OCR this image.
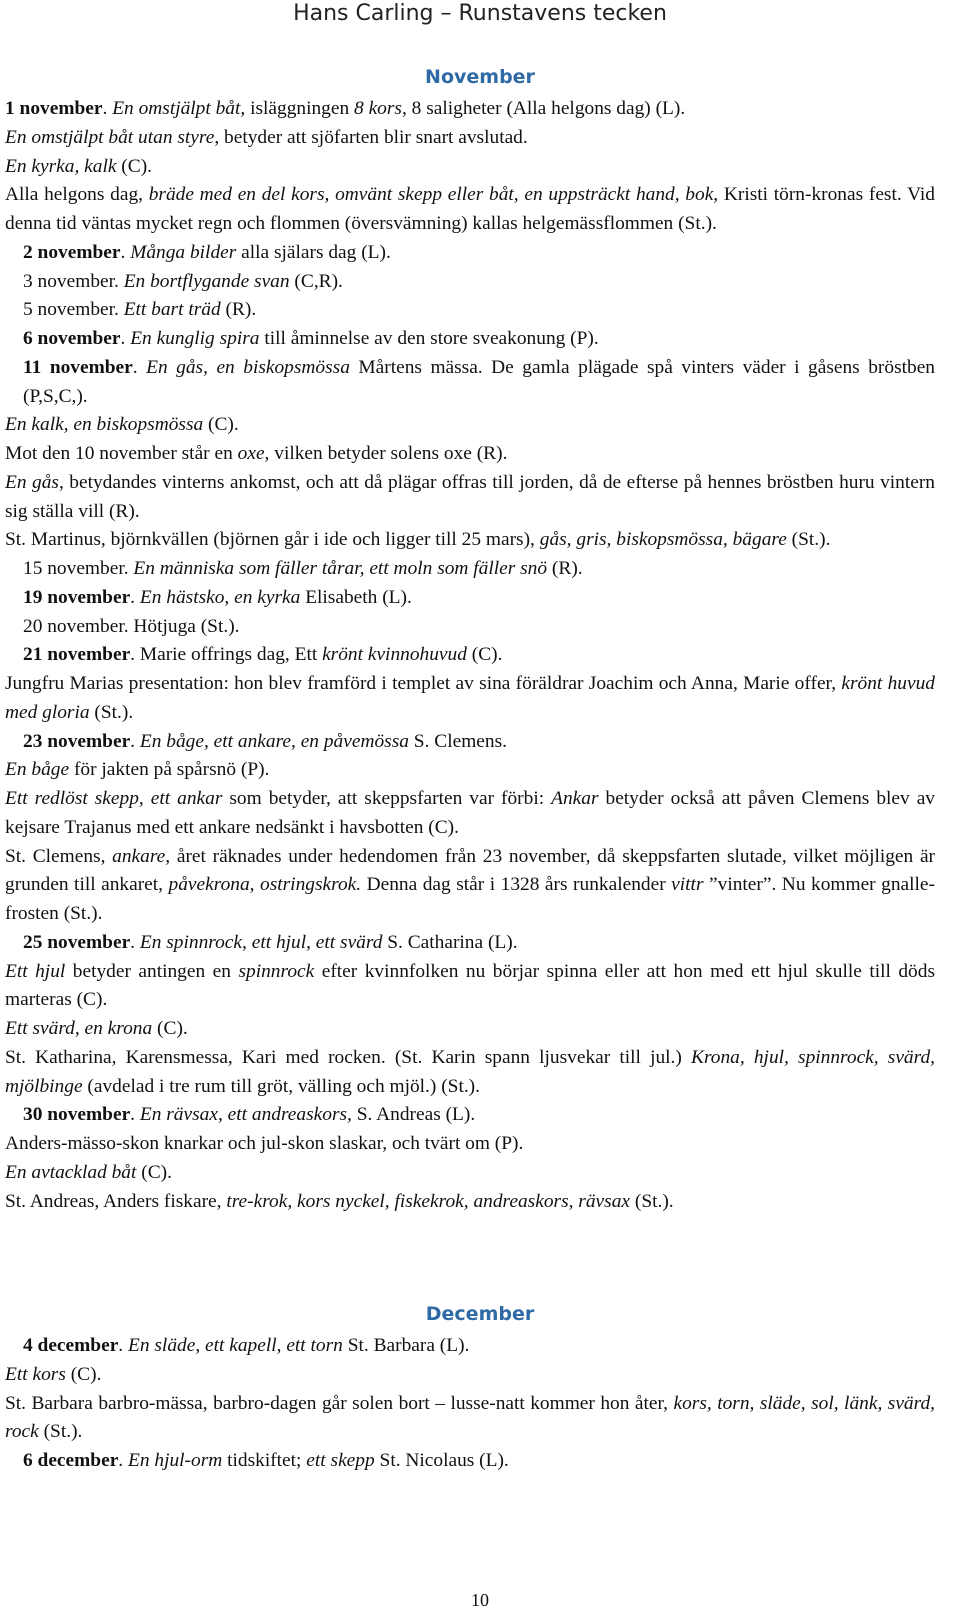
Hans Carling – Runstavens tecken
November

1 november. En omstjälpt båt, isläggningen 8 kors, 8 saligheter (Alla helgons dag) (L).

En omstjälpt båt utan styre, betyder att sjöfarten blir snart avslutad.

En kyrka, kalk (C).

Alla helgons dag, bräde med en del kors, omvänt skepp eller båt, en uppsträckt hand, bok, Kristi törn-kronas fest. Vid denna tid väntas mycket regn och flommen (översvämning) kallas helgemässflommen (St.).

2 november. Många bilder alla själars dag (L).

3 november. En bortflygande svan (C,R).

5 november. Ett bart träd (R).

6 november. En kunglig spira till åminnelse av den store sveakonung (P).

11 november. En gås, en biskopsmössa Mårtens mässa. De gamla plägade spå vinters väder i gåsens bröstben (P,S,C,).

En kalk, en biskopsmössa (C).

Mot den 10 november står en oxe, vilken betyder solens oxe (R).

En gås, betydandes vinterns ankomst, och att då plägar offras till jorden, då de efterse på hennes bröstben huru vintern sig ställa vill (R).

St. Martinus, björnkvällen (björnen går i ide och ligger till 25 mars), gås, gris, biskopsmössa, bägare (St.).

15 november. En människa som fäller tårar, ett moln som fäller snö (R).

19 november. En hästsko, en kyrka Elisabeth (L).

20 november. Hötjuga (St.).

21 november. Marie offrings dag, Ett krönt kvinnohuvud (C).

Jungfru Marias presentation: hon blev framförd i templet av sina föräldrar Joachim och Anna, Marie offer, krönt huvud med gloria (St.).

23 november. En båge, ett ankare, en påvemössa S. Clemens.

En båge för jakten på spårsnö (P).

Ett redlöst skepp, ett ankar som betyder, att skeppsfarten var förbi: Ankar betyder också att påven Clemens blev av kejsare Trajanus med ett ankare nedsänkt i havsbotten (C).

St. Clemens, ankare, året räknades under hedendomen från 23 november, då skeppsfarten slutade, vilket möjligen är grunden till ankaret, påvekrona, ostringskrok. Denna dag står i 1328 års runkalender vittr ”vinter”. Nu kommer gnalle-frosten (St.).

25 november. En spinnrock, ett hjul, ett svärd S. Catharina (L).

Ett hjul betyder antingen en spinnrock efter kvinnfolken nu börjar spinna eller att hon med ett hjul skulle till döds marteras (C).

Ett svärd, en krona (C).

St. Katharina, Karensmessa, Kari med rocken. (St. Karin spann ljusvekar till jul.) Krona, hjul, spinnrock, svärd, mjölbinge (avdelad i tre rum till gröt, välling och mjöl.) (St.).

30 november. En rävsax, ett andreaskors, S. Andreas (L).

Anders-mässo-skon knarkar och jul-skon slaskar, och tvärt om (P).

En avtacklad båt (C).

St. Andreas, Anders fiskare, tre-krok, kors nyckel, fiskekrok, andreaskors, rävsax (St.).

December

4 december. En släde, ett kapell, ett torn St. Barbara (L).

Ett kors (C).

St. Barbara barbro-mässa, barbro-dagen går solen bort – lusse-natt kommer hon åter, kors, torn, släde, sol, länk, svärd, rock (St.).

6 december. En hjul-orm tidskiftet; ett skepp St. Nicolaus (L).

10
